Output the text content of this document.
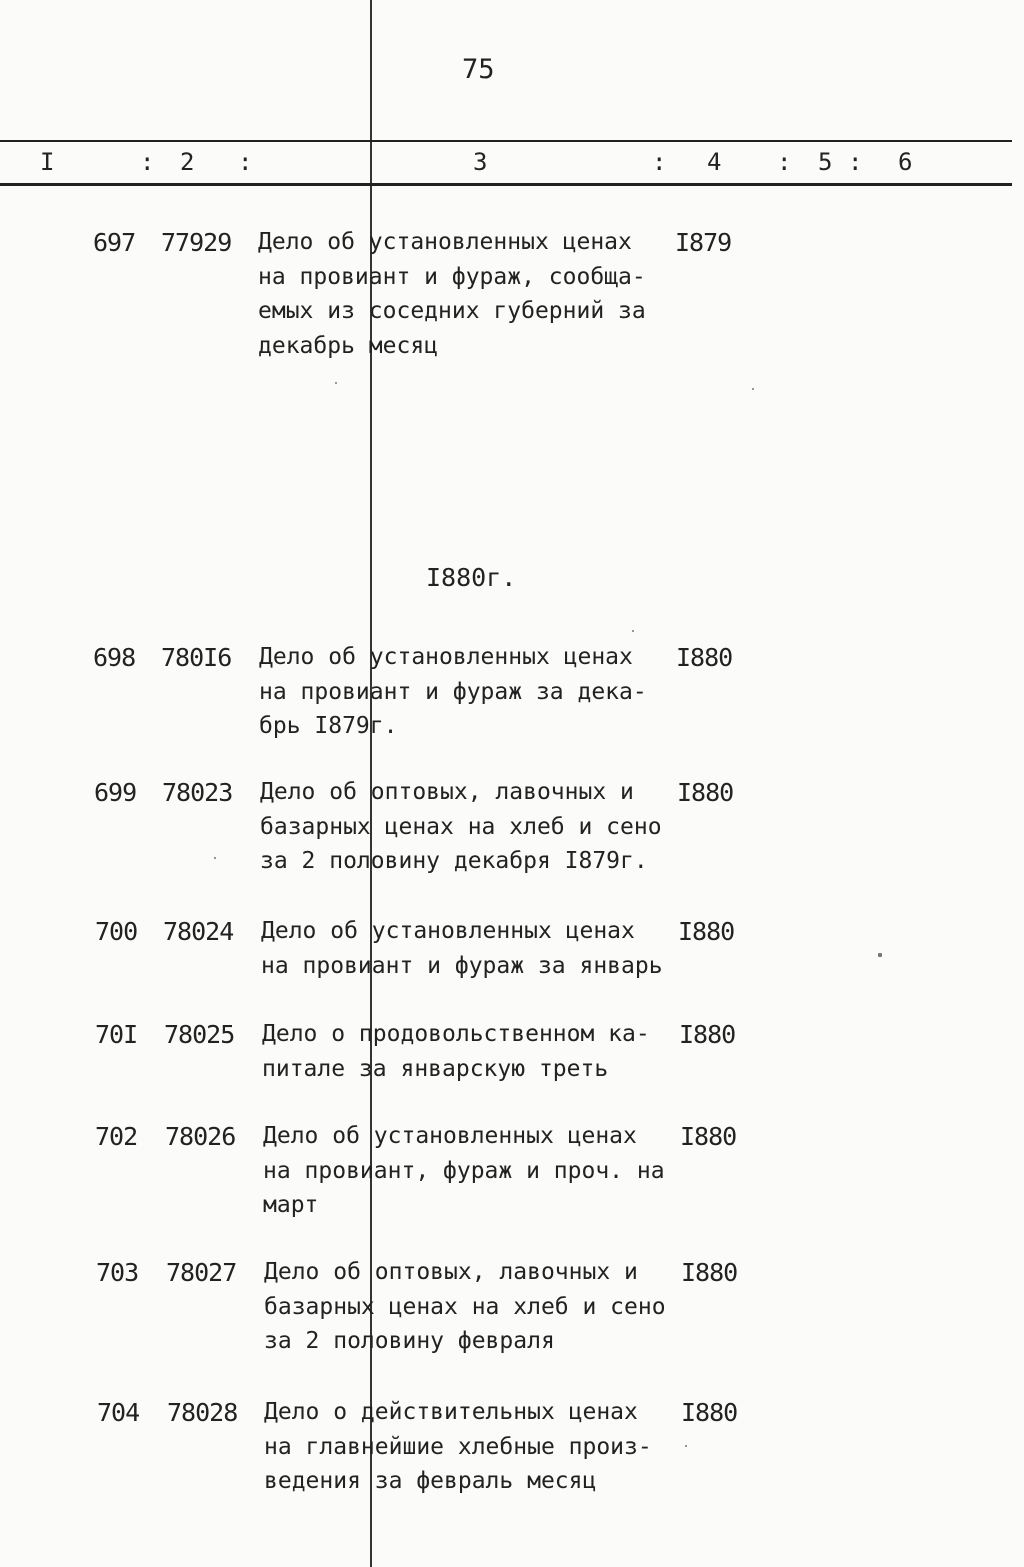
75
I	: 2 :	3	: 4 : 5 : 6
697 77929 Дело об установленных ценах
на провиант и фураж, сообща-
емых из соседних губерний за
декабрь месяц
I879
I880г.
698 780I6 Дело об установленных ценах
на провиант и фураж за дека-
брь I879г.
I880
699 78023 Дело об оптовых, лавочных и
базарных ценах на хлеб и сено
за 2 половину декабря I879г.
I880
700 78024 Дело об установленных ценах
на провиант и фураж за январь
I880
70I 78025 Дело о продовольственном ка-
питале за январскую треть
I880
702 78026 Дело об установленных ценах
на провиант, фураж и проч. на
март
I880
703 78027 Дело об оптовых, лавочных и
базарных ценах на хлеб и сено
за 2 половину февраля
I880
704 78028 Дело о действительных ценах
на главнейшие хлебные произ-
ведения за февраль месяц
I880
